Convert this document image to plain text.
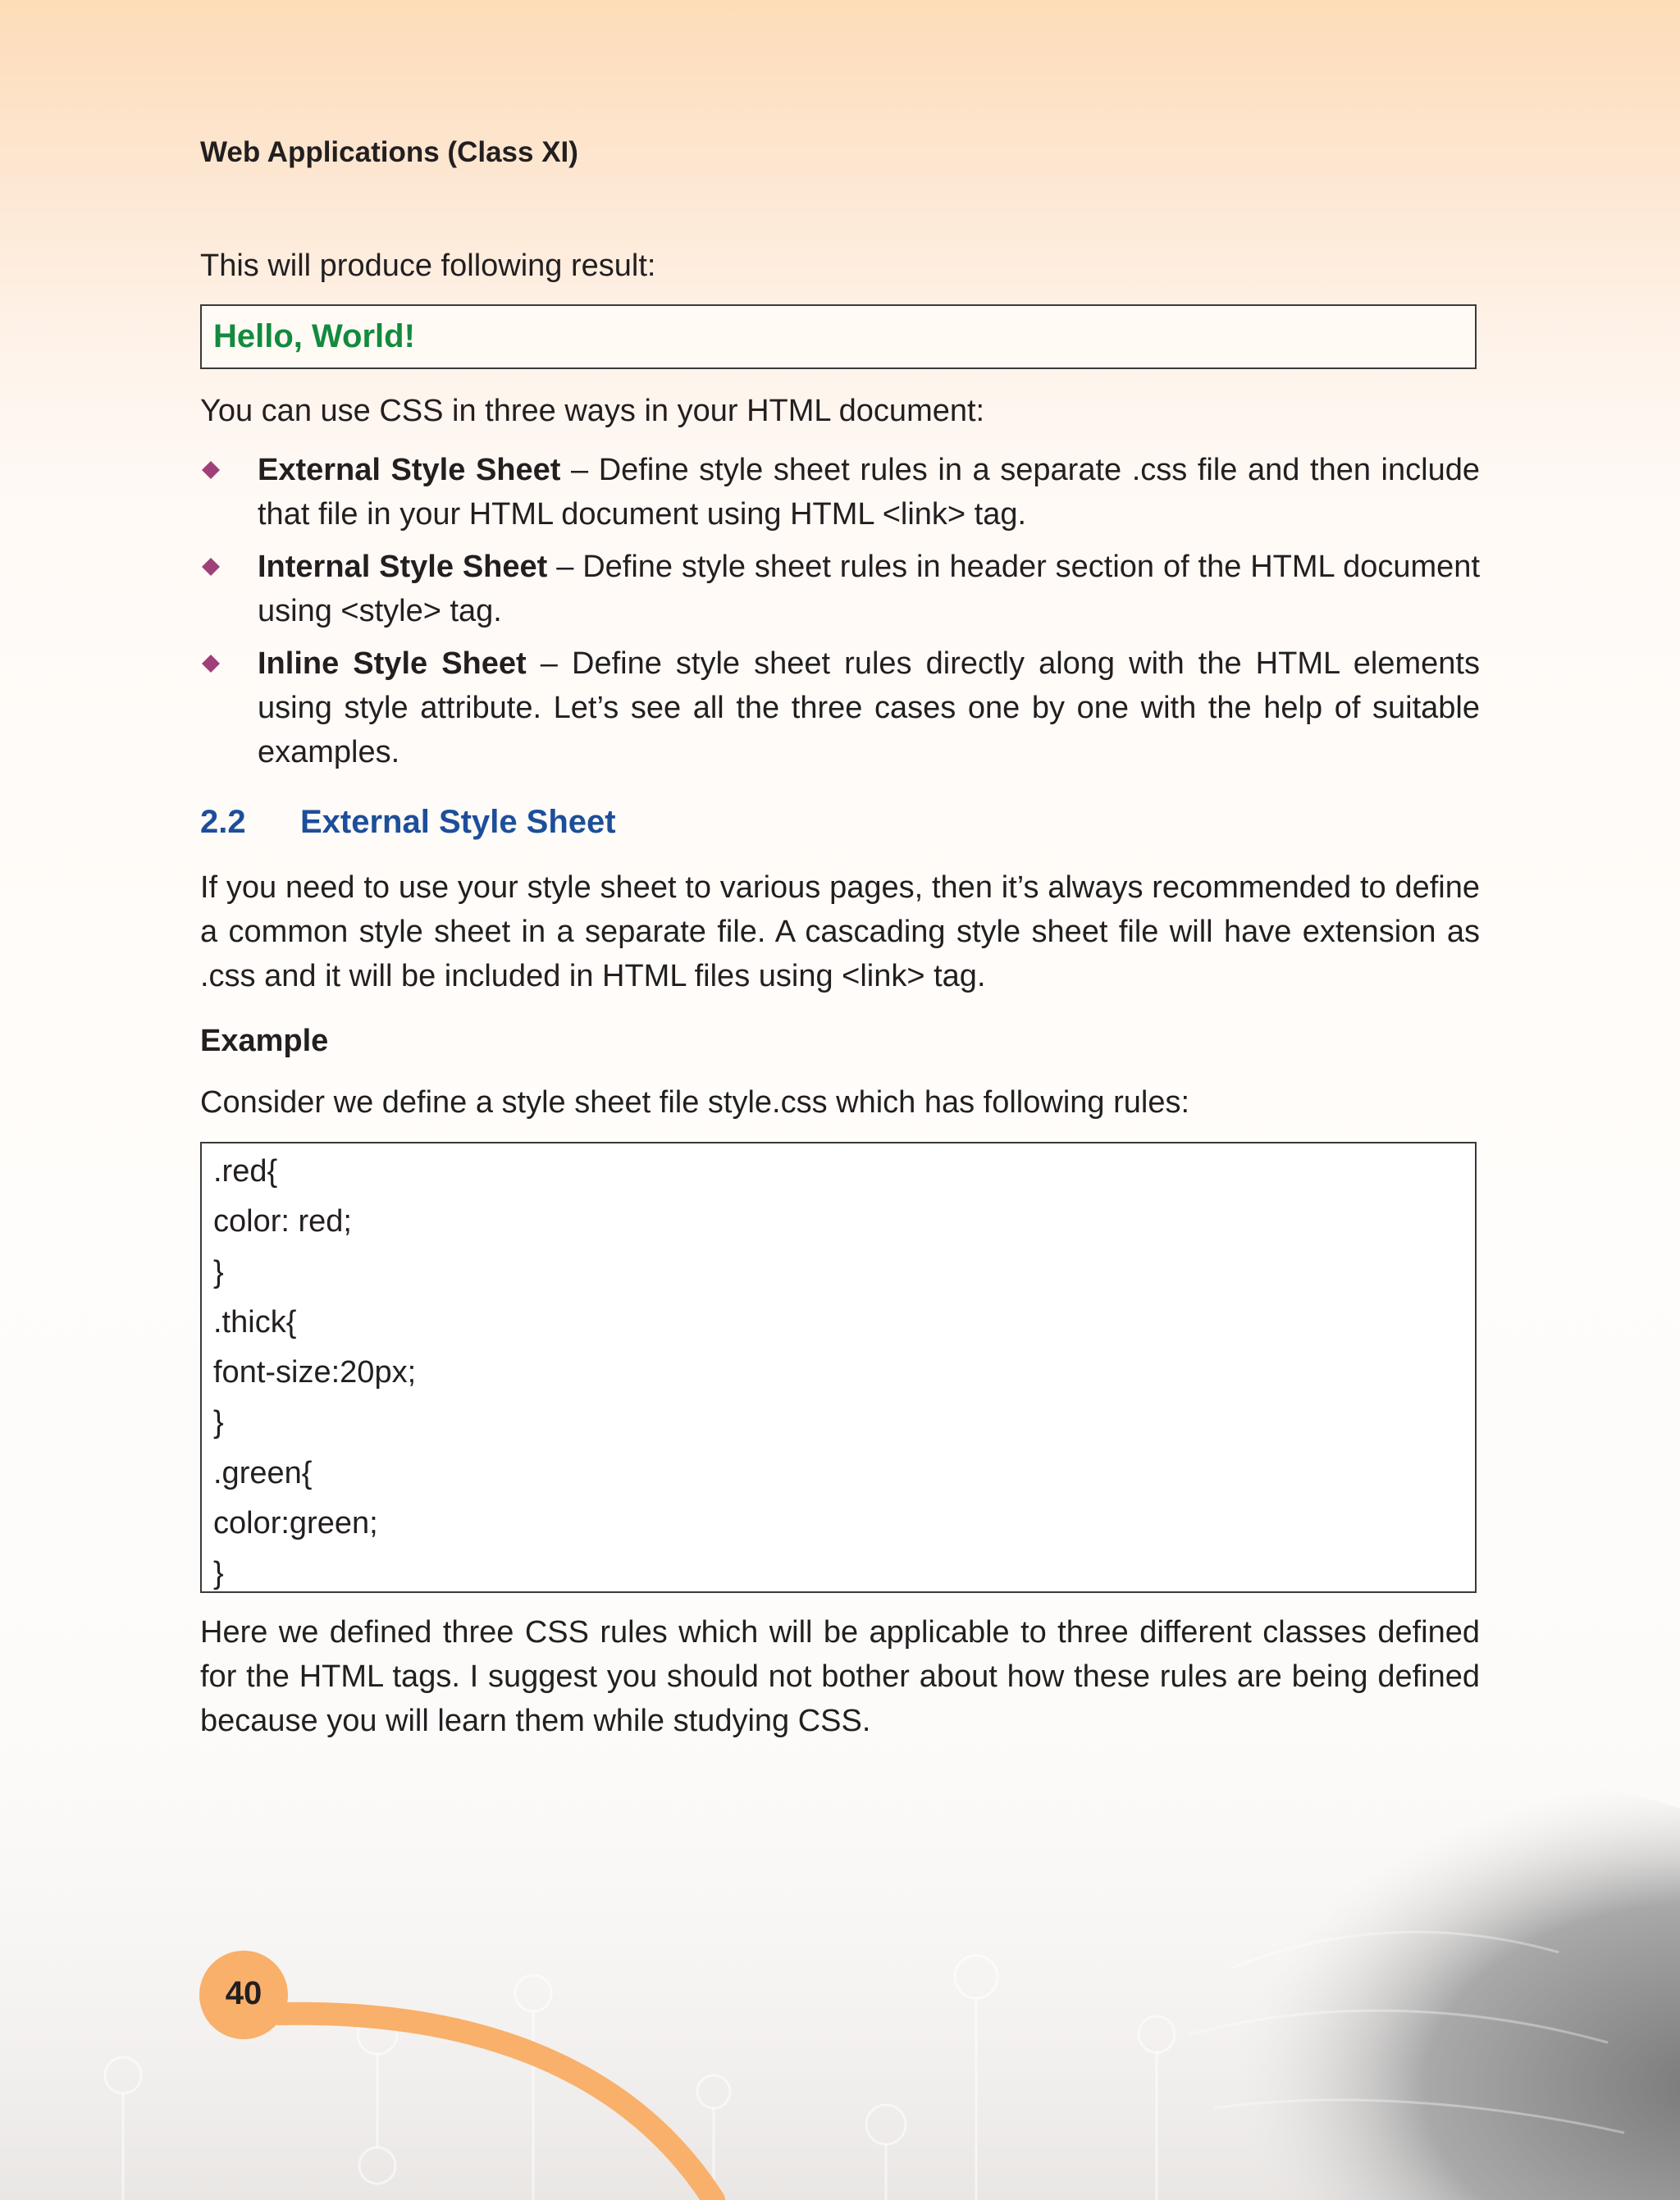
Web Applications (Class XI)

This will produce following result:

Hello, World!

You can use CSS in three ways in your HTML document:

External Style Sheet – Define style sheet rules in a separate .css file and then include that file in your HTML document using HTML <link> tag.
Internal Style Sheet – Define style sheet rules in header section of the HTML document using <style> tag.
Inline Style Sheet – Define style sheet rules directly along with the HTML elements using style attribute. Let’s see all the three cases one by one with the help of suitable examples.
2.2 External Style Sheet

If you need to use your style sheet to various pages, then it’s always recommended to define a common style sheet in a separate file. A cascading style sheet file will have extension as .css and it will be included in HTML files using <link> tag.

Example

Consider we define a style sheet file style.css which has following rules:

.red{
color: red;
}
.thick{
font-size:20px;
}
.green{
color:green;
}

Here we defined three CSS rules which will be applicable to three different classes defined for the HTML tags. I suggest you should not bother about how these rules are being defined because you will learn them while studying CSS.

40
